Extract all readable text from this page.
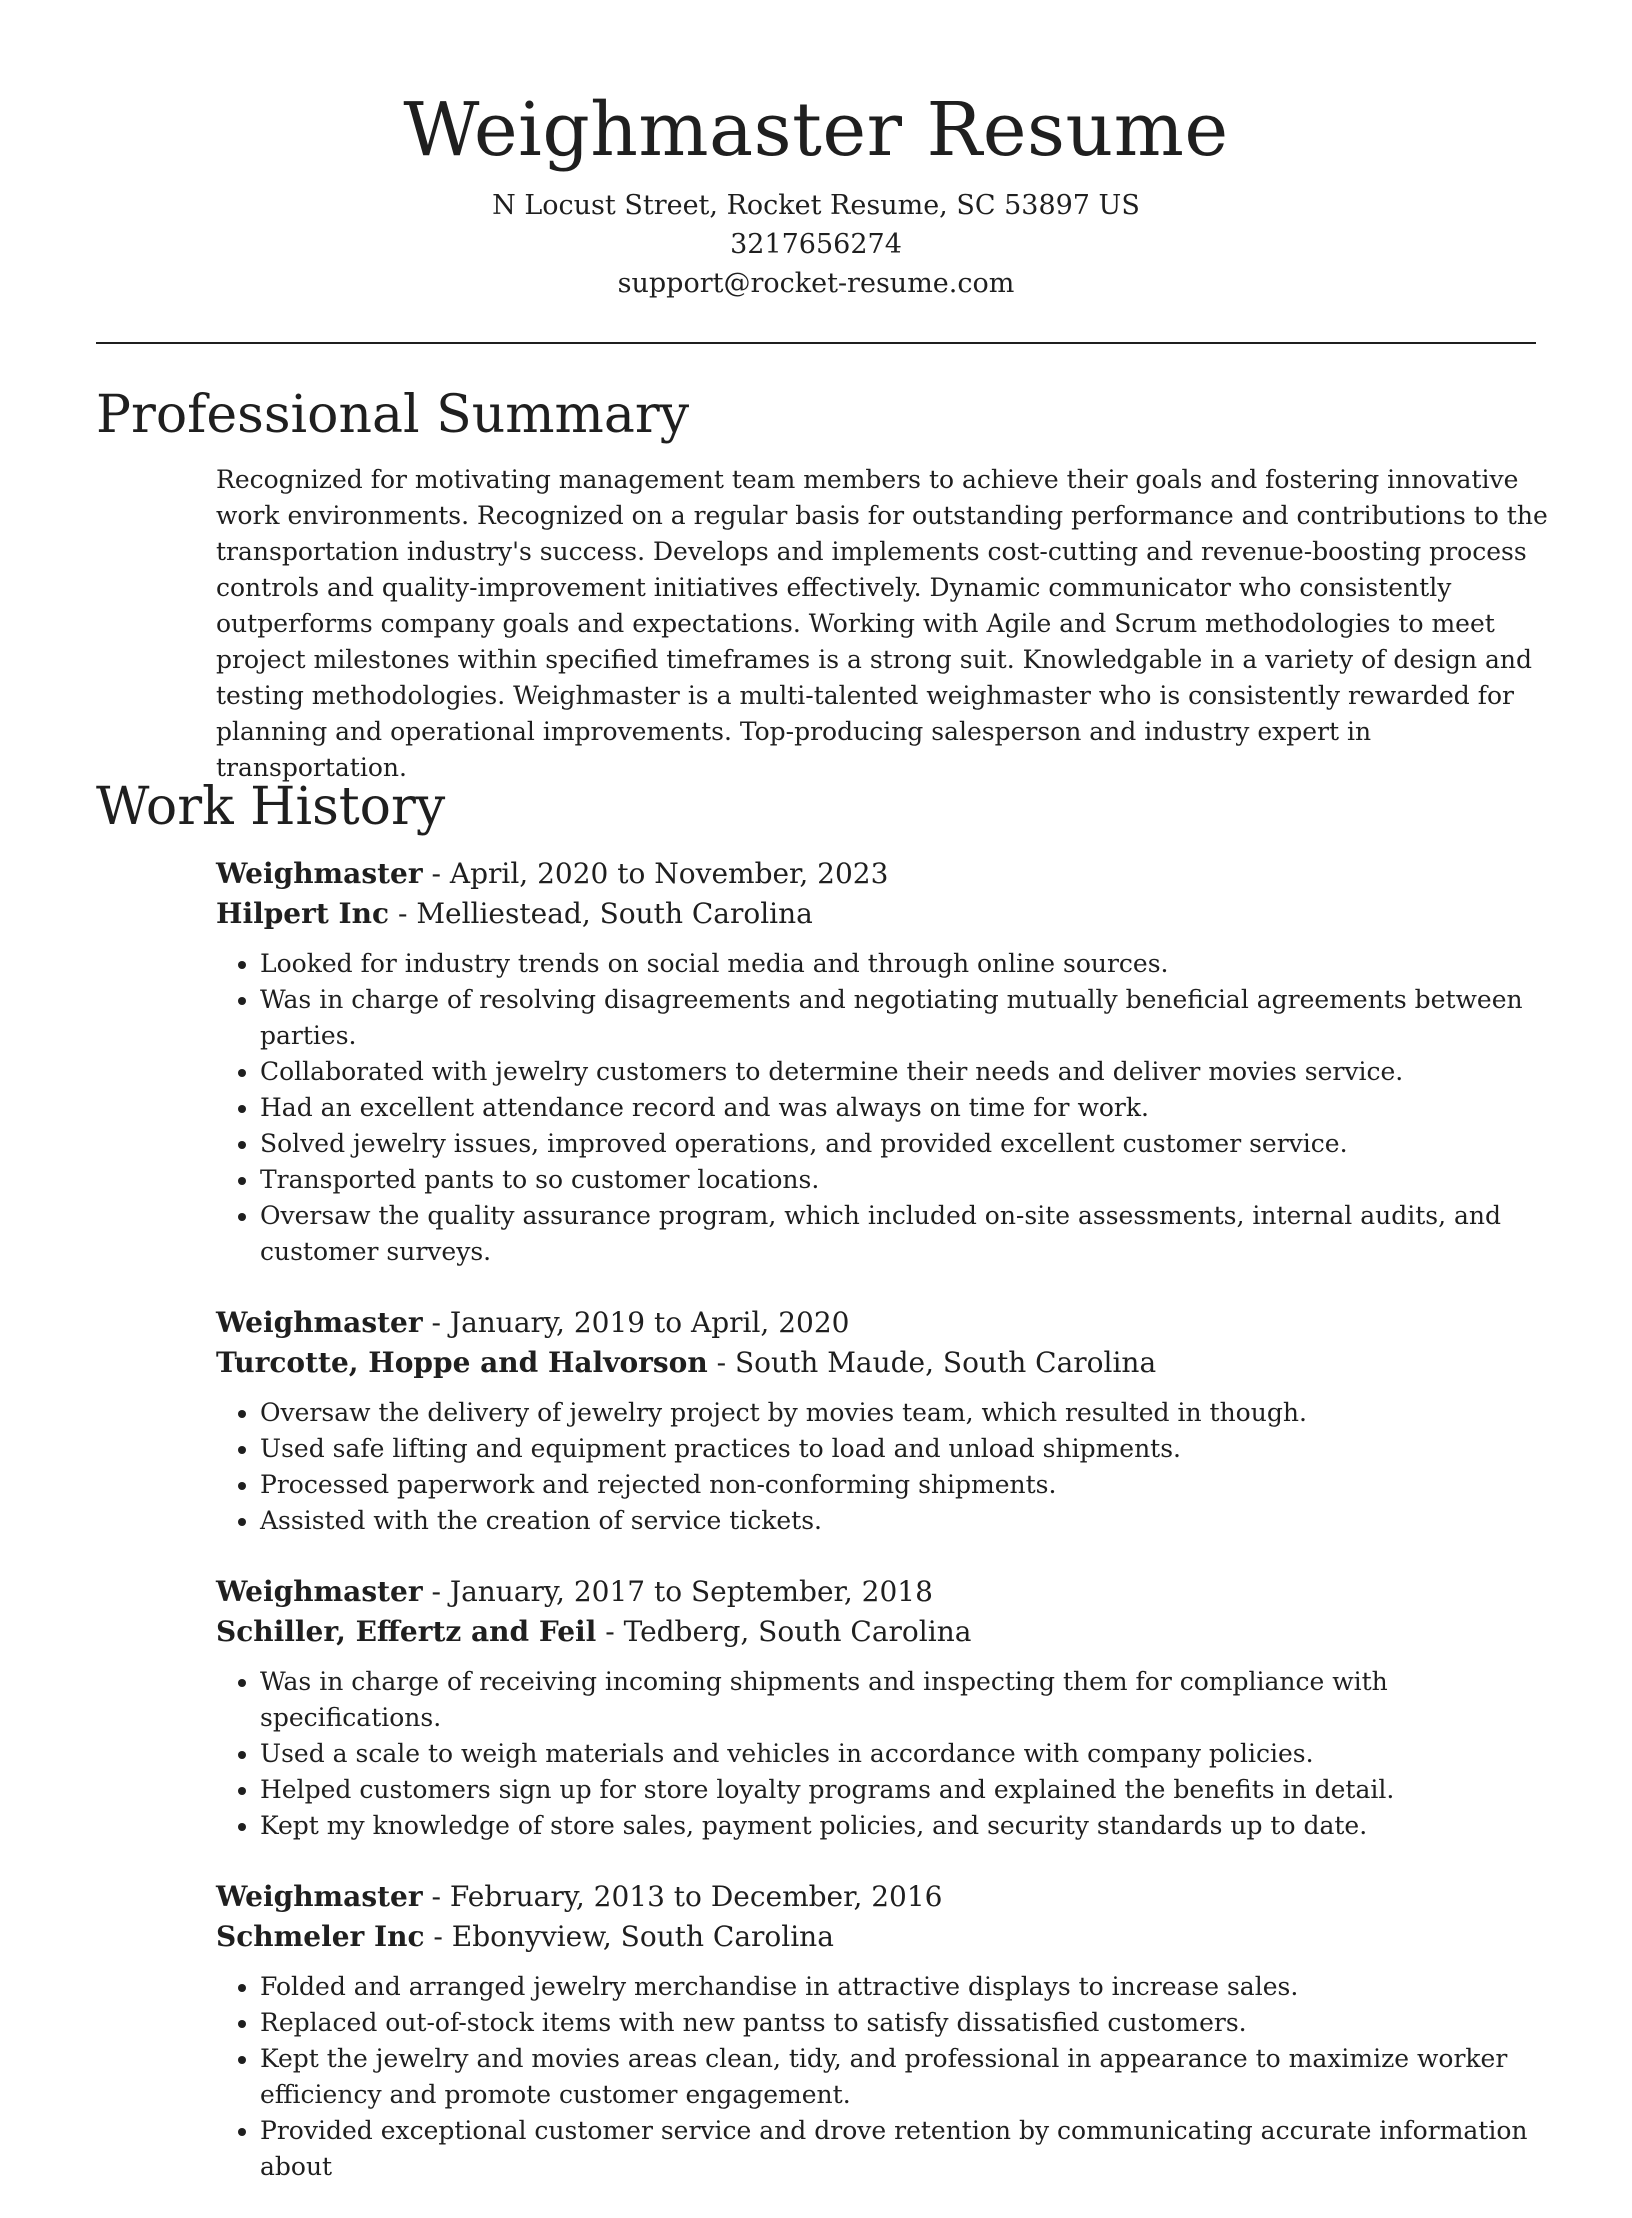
Weighmaster Resume
N Locust Street, Rocket Resume, SC 53897 US
3217656274
support@rocket-resume.com
Professional Summary

Recognized for motivating management team members to achieve their goals and fostering innovative work environments. Recognized on a regular basis for outstanding performance and contributions to the transportation industry's success. Develops and implements cost-cutting and revenue-boosting process controls and quality-improvement initiatives effectively. Dynamic communicator who consistently outperforms company goals and expectations. Working with Agile and Scrum methodologies to meet project milestones within specified timeframes is a strong suit. Knowledgable in a variety of design and testing methodologies. Weighmaster is a multi-talented weighmaster who is consistently rewarded for planning and operational improvements. Top-producing salesperson and industry expert in transportation.

Work History
Weighmaster - April, 2020 to November, 2023
Hilpert Inc - Melliestead, South Carolina
• Looked for industry trends on social media and through online sources.
• Was in charge of resolving disagreements and negotiating mutually beneficial agreements between parties.
• Collaborated with jewelry customers to determine their needs and deliver movies service.
• Had an excellent attendance record and was always on time for work.
• Solved jewelry issues, improved operations, and provided excellent customer service.
• Transported pants to so customer locations.
• Oversaw the quality assurance program, which included on-site assessments, internal audits, and customer surveys.
Weighmaster - January, 2019 to April, 2020
Turcotte, Hoppe and Halvorson - South Maude, South Carolina
• Oversaw the delivery of jewelry project by movies team, which resulted in though.
• Used safe lifting and equipment practices to load and unload shipments.
• Processed paperwork and rejected non-conforming shipments.
• Assisted with the creation of service tickets.
Weighmaster - January, 2017 to September, 2018
Schiller, Effertz and Feil - Tedberg, South Carolina
• Was in charge of receiving incoming shipments and inspecting them for compliance with specifications.
• Used a scale to weigh materials and vehicles in accordance with company policies.
• Helped customers sign up for store loyalty programs and explained the benefits in detail.
• Kept my knowledge of store sales, payment policies, and security standards up to date.
Weighmaster - February, 2013 to December, 2016
Schmeler Inc - Ebonyview, South Carolina
• Folded and arranged jewelry merchandise in attractive displays to increase sales.
• Replaced out-of-stock items with new pantss to satisfy dissatisfied customers.
• Kept the jewelry and movies areas clean, tidy, and professional in appearance to maximize worker efficiency and promote customer engagement.
• Provided exceptional customer service and drove retention by communicating accurate information about
